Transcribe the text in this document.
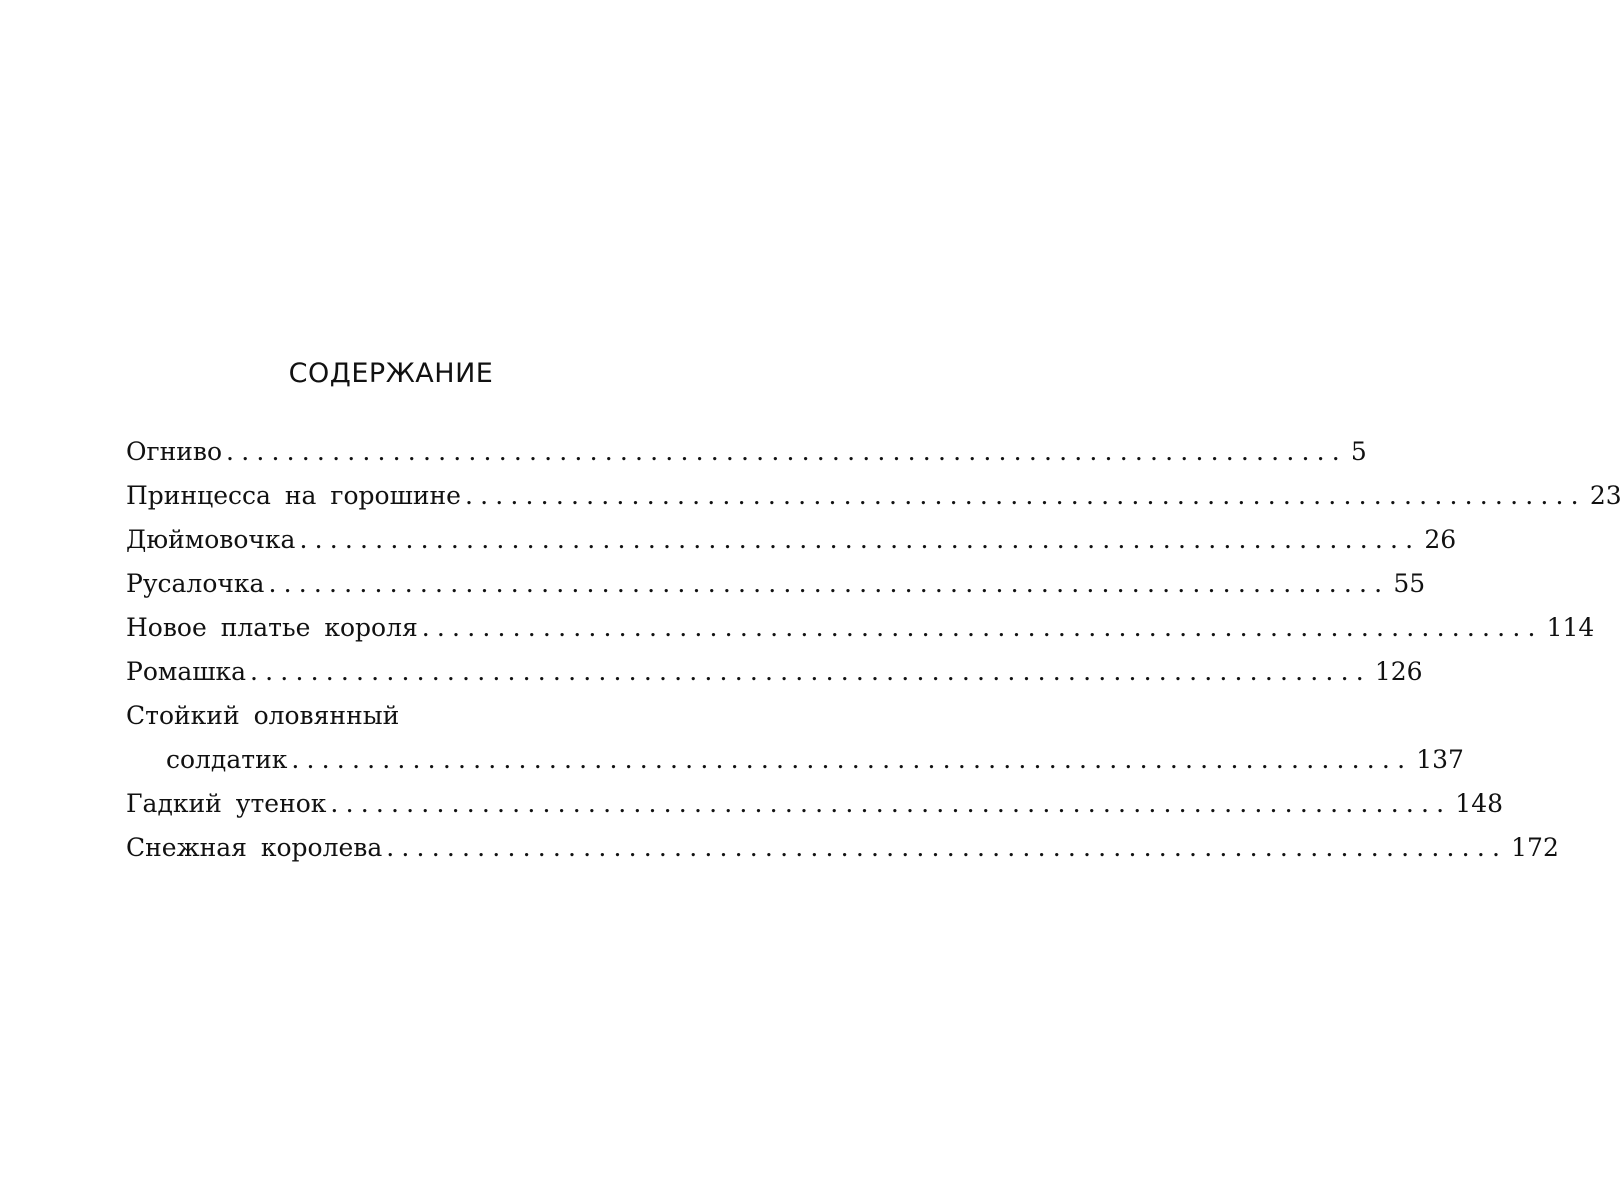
СОДЕРЖАНИЕ
Огниво .......................................................................... 5
Принцесса на горошине .......................................................................... 23
Дюймовочка .......................................................................... 26
Русалочка .......................................................................... 55
Новое платье короля .......................................................................... 114
Ромашка .......................................................................... 126
Стойкий оловянный
солдатик .......................................................................... 137
Гадкий утенок .......................................................................... 148
Снежная королева .......................................................................... 172
